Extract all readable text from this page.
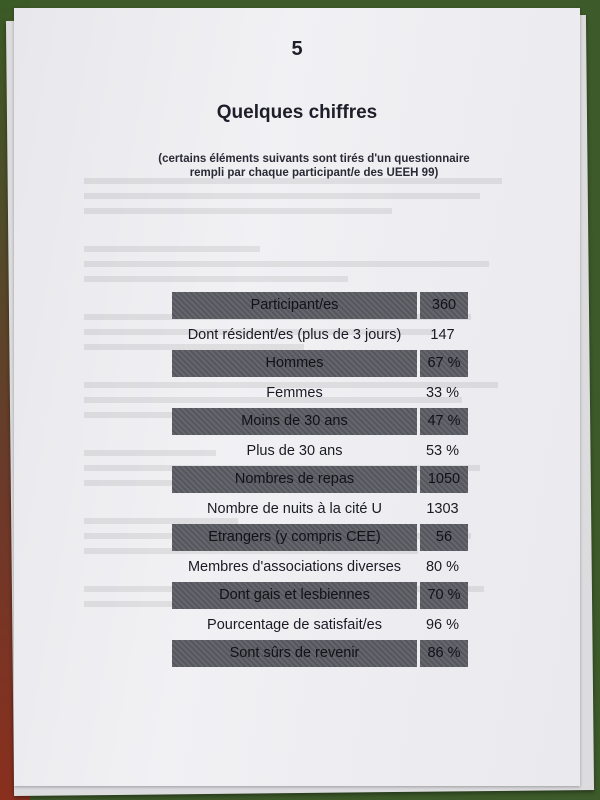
5
Quelques chiffres
(certains éléments suivants sont tirés d'un questionnaire
rempli par chaque participant/e des UEEH 99)
Participant/es	360
Dont résident/es (plus de 3 jours)	147
Hommes	67 %
Femmes	33 %
Moins de 30 ans	47 %
Plus de 30 ans	53 %
Nombres de repas	1050
Nombre de nuits à la cité U	1303
Etrangers (y compris CEE)	56
Membres d'associations diverses	80 %
Dont gais et lesbiennes	70 %
Pourcentage de satisfait/es	96 %
Sont sûrs de revenir	86 %
